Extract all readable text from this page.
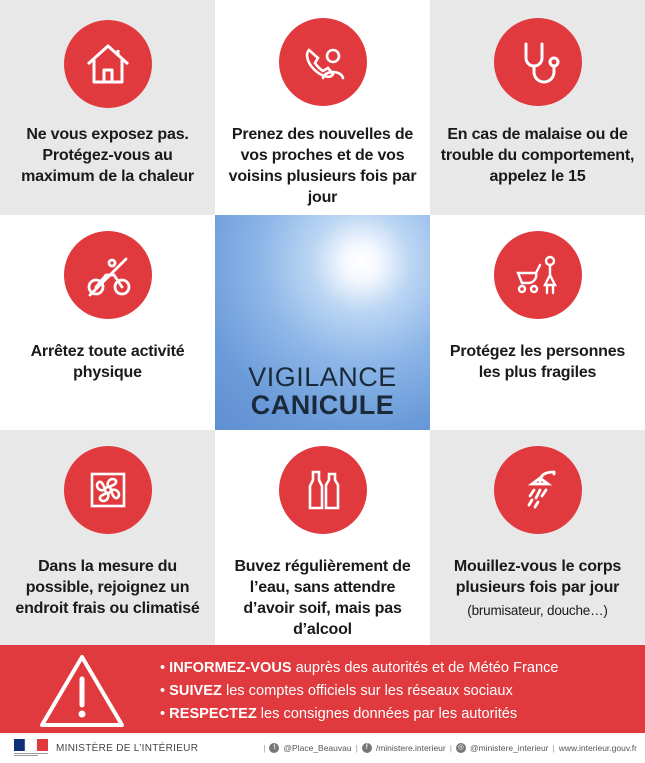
Ne vous exposez pas. Protégez-vous au maximum de la chaleur
Prenez des nouvelles de vos proches et de vos voisins plusieurs fois par jour
En cas de malaise ou de trouble du comportement, appelez le 15
Arrêtez toute activité physique	VIGILANCE
CANICULE
Protégez les personnes les plus fragiles
Dans la mesure du possible, rejoignez un endroit frais ou climatisé
Buvez régulièrement de l’eau, sans attendre d’avoir soif, mais pas d’alcool
Mouillez-vous le corps plusieurs fois par jour
(brumisateur, douche…)
• INFORMEZ-VOUS auprès des autorités et de Météo France
• SUIVEZ les comptes officiels sur les réseaux sociaux
• RESPECTEZ les consignes données par les autorités
MINISTÈRE DE L’INTÉRIEUR	|	t @Place_Beauvau |	f /ministere.interieur | ◎ @ministere_interieur | www.interieur.gouv.fr
